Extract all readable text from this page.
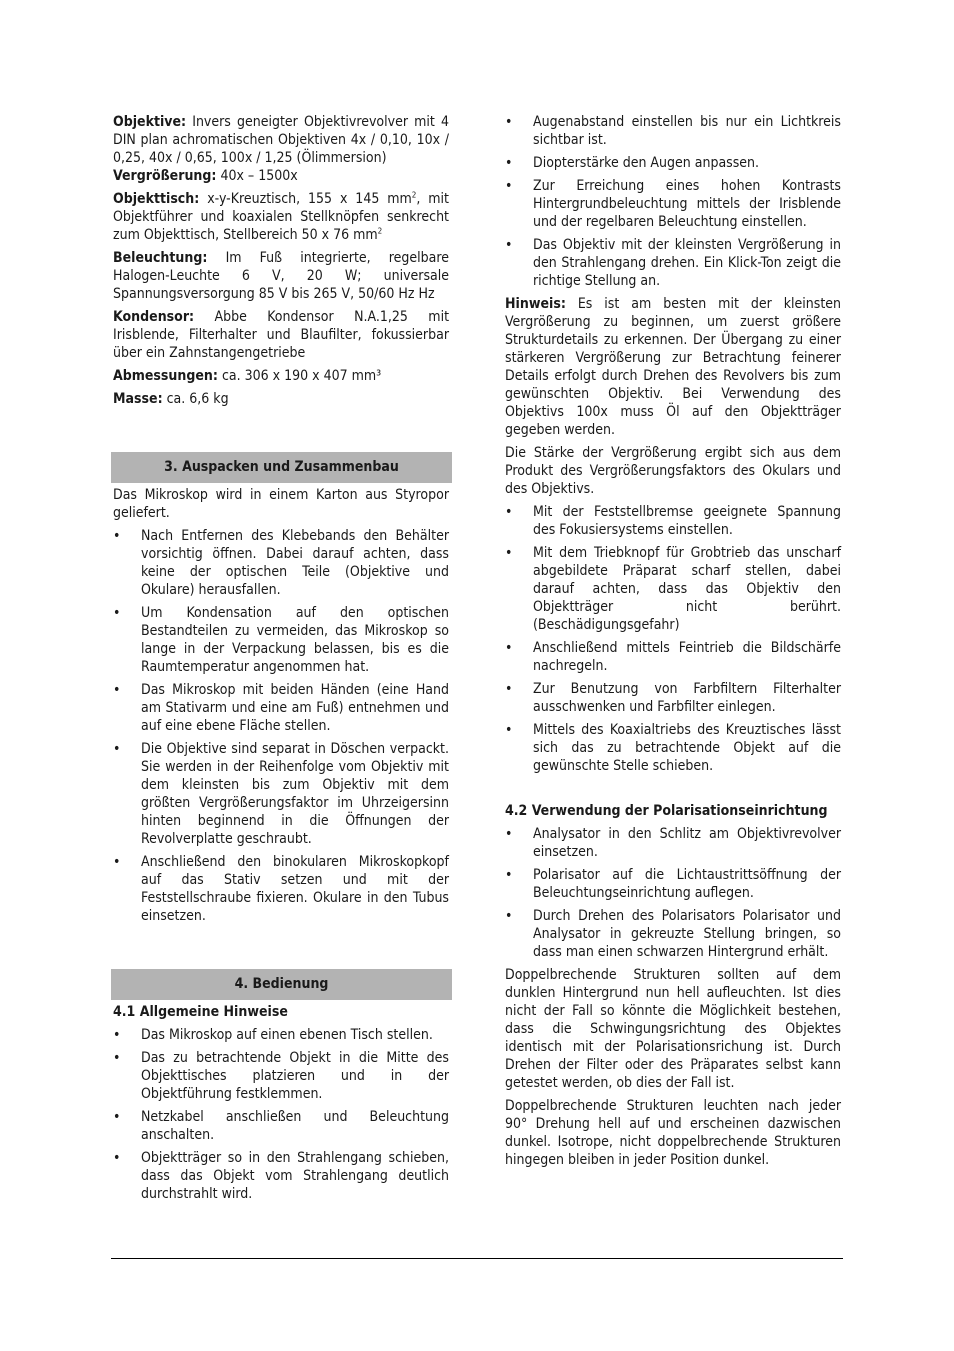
Objektive: Invers geneigter Objektivrevolver mit 4 DIN plan achromatischen Objektiven 4x / 0,10, 10x / 0,25, 40x / 0,65, 100x / 1,25 (Ölimmersion)

Vergrößerung: 40x – 1500x

Objekttisch: x-y-Kreuztisch, 155 x 145 $mm^2$, mit Objektführer und koaxialen Stellknöpfen senkrecht zum Objekttisch, Stellbereich 50 x 76 $mm^2$

Beleuchtung: Im Fuß integrierte, regelbare Halogen-Leuchte 6 V, 20 W; universale Spannungsversorgung 85 V bis 265 V, 50/60 Hz Hz

Kondensor: Abbe Kondensor N.A.1,25 mit Irisblende, Filterhalter und Blaufilter, fokussierbar über ein Zahnstangengetriebe

Abmessungen: ca. 306 x 190 x 407 mm³

Masse: ca. 6,6 kg

3. Auspacken und Zusammenbau

Das Mikroskop wird in einem Karton aus Styropor geliefert.

•	Nach Entfernen des Klebebands den Behälter vorsichtig öffnen. Dabei darauf achten, dass keine der optischen Teile (Objektive und Okulare) herausfallen.
•	Um Kondensation auf den optischen Bestandteilen zu vermeiden, das Mikroskop so lange in der Verpackung belassen, bis es die Raumtemperatur angenommen hat.
•	Das Mikroskop mit beiden Händen (eine Hand am Stativarm und eine am Fuß) entnehmen und auf eine ebene Fläche stellen.
•	Die Objektive sind separat in Döschen verpackt. Sie werden in der Reihenfolge vom Objektiv mit dem kleinsten bis zum Objektiv mit dem größten Vergrößerungsfaktor im Uhrzeigersinn hinten beginnend in die Öffnungen der Revolverplatte geschraubt.
•	Anschließend den binokularen Mikroskopkopf auf das Stativ setzen und mit der Feststellschraube fixieren. Okulare in den Tubus einsetzen.
4. Bedienung
4.1 Allgemeine Hinweise
•	Das Mikroskop auf einen ebenen Tisch stellen.
•	Das zu betrachtende Objekt in die Mitte des Objekttisches platzieren und in der Objektführung festklemmen.
•	Netzkabel anschließen und Beleuchtung anschalten.
•	Objektträger so in den Strahlengang schieben, dass das Objekt vom Strahlengang deutlich durchstrahlt wird.
•	Augenabstand einstellen bis nur ein Lichtkreis sichtbar ist.
•	Diopterstärke den Augen anpassen.
•	Zur Erreichung eines hohen Kontrasts Hintergrundbeleuchtung mittels der Irisblende und der regelbaren Beleuchtung einstellen.
•	Das Objektiv mit der kleinsten Vergrößerung in den Strahlengang drehen. Ein Klick-Ton zeigt die richtige Stellung an.

Hinweis: Es ist am besten mit der kleinsten Vergrößerung zu beginnen, um zuerst größere Strukturdetails zu erkennen. Der Übergang zu einer stärkeren Vergrößerung zur Betrachtung feinerer Details erfolgt durch Drehen des Revolvers bis zum gewünschten Objektiv. Bei Verwendung des Objektivs 100x muss Öl auf den Objektträger gegeben werden.

Die Stärke der Vergrößerung ergibt sich aus dem Produkt des Vergrößerungsfaktors des Okulars und des Objektivs.

•	Mit der Feststellbremse geeignete Spannung des Fokusiersystems einstellen.
•	Mit dem Triebknopf für Grobtrieb das unscharf abgebildete Präparat scharf stellen, dabei darauf achten, dass das Objektiv den Objektträger nicht berührt. (Beschädigungsgefahr)
•	Anschließend mittels Feintrieb die Bildschärfe nachregeln.
•	Zur Benutzung von Farbfiltern Filterhalter ausschwenken und Farbfilter einlegen.
•	Mittels des Koaxialtriebs des Kreuztisches lässt sich das zu betrachtende Objekt auf die gewünschte Stelle schieben.
4.2 Verwendung der Polarisationseinrichtung
•	Analysator in den Schlitz am Objektivrevolver einsetzen.
•	Polarisator auf die Lichtaustrittsöffnung der Beleuchtungseinrichtung auflegen.
•	Durch Drehen des Polarisators Polarisator und Analysator in gekreuzte Stellung bringen, so dass man einen schwarzen Hintergrund erhält.

Doppelbrechende Strukturen sollten auf dem dunklen Hintergrund nun hell aufleuchten. Ist dies nicht der Fall so könnte die Möglichkeit bestehen, dass die Schwingungsrichtung des Objektes identisch mit der Polarisationsrichung ist. Durch Drehen der Filter oder des Präparates selbst kann getestet werden, ob dies der Fall ist.

Doppelbrechende Strukturen leuchten nach jeder 90° Drehung hell auf und erscheinen dazwischen dunkel. Isotrope, nicht doppelbrechende Strukturen hingegen bleiben in jeder Position dunkel.
